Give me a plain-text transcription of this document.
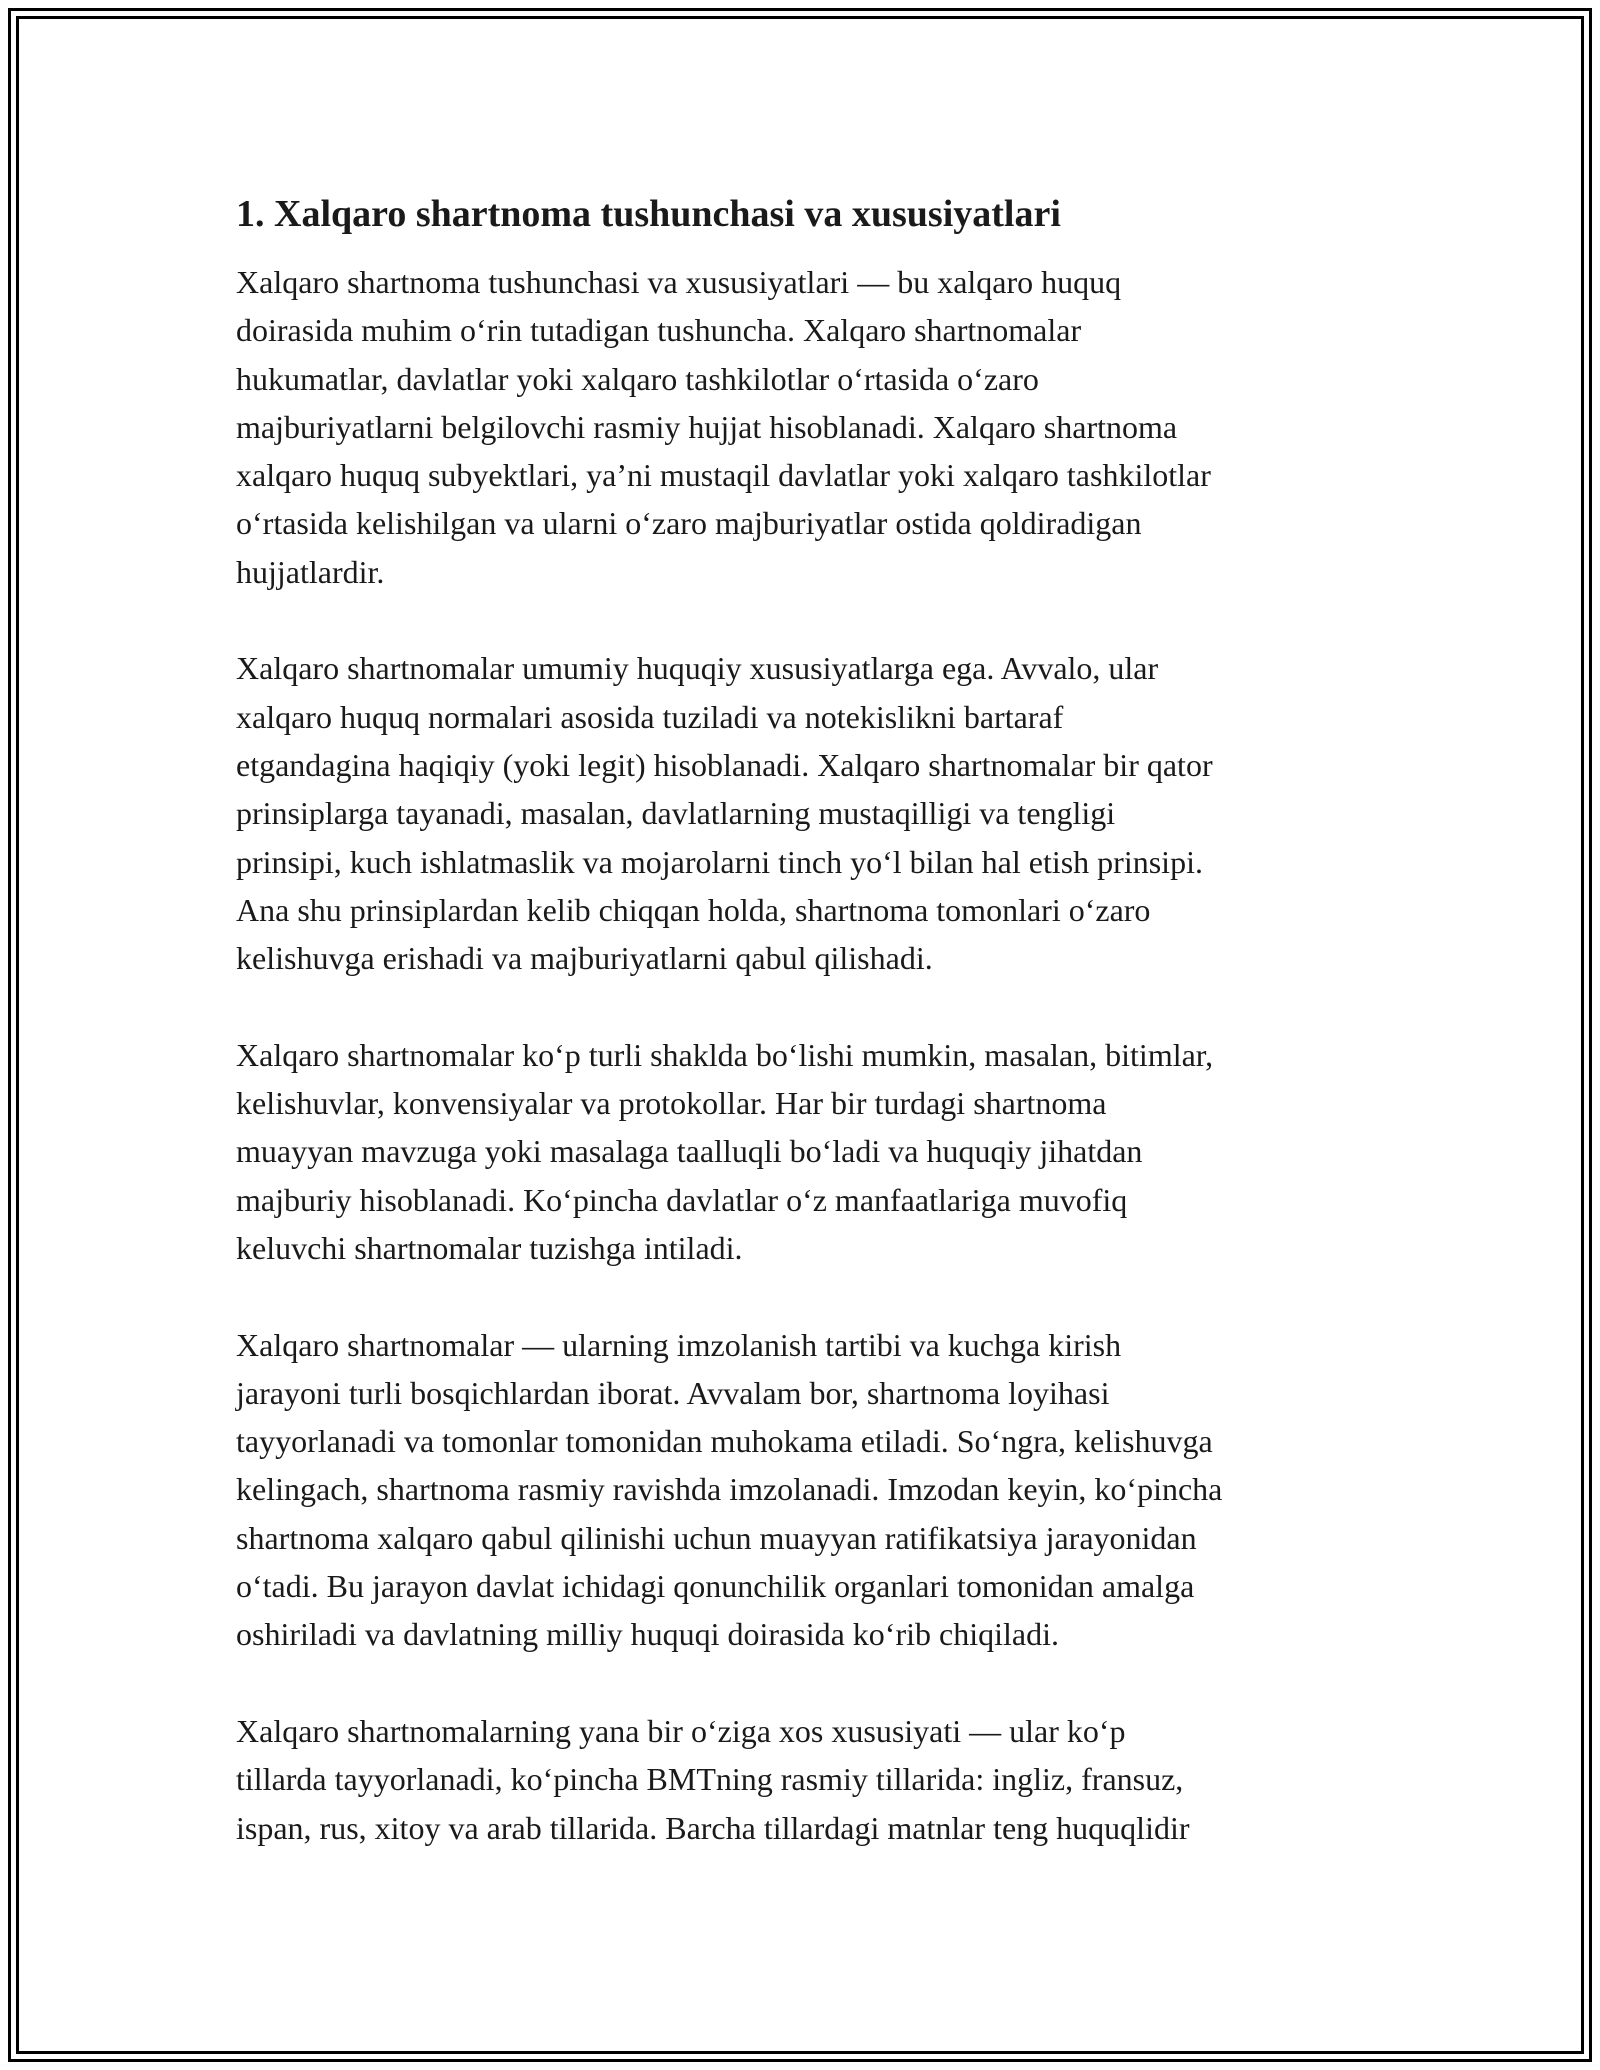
1. Xalqaro shartnoma tushunchasi va xususiyatlari

Xalqaro shartnoma tushunchasi va xususiyatlari — bu xalqaro huquq
doirasida muhim oʻrin tutadigan tushuncha. Xalqaro shartnomalar
hukumatlar, davlatlar yoki xalqaro tashkilotlar oʻrtasida oʻzaro
majburiyatlarni belgilovchi rasmiy hujjat hisoblanadi. Xalqaro shartnoma
xalqaro huquq subyektlari, yaʼni mustaqil davlatlar yoki xalqaro tashkilotlar
oʻrtasida kelishilgan va ularni oʻzaro majburiyatlar ostida qoldiradigan
hujjatlardir.

Xalqaro shartnomalar umumiy huquqiy xususiyatlarga ega. Avvalo, ular
xalqaro huquq normalari asosida tuziladi va notekislikni bartaraf
etgandagina haqiqiy (yoki legit) hisoblanadi. Xalqaro shartnomalar bir qator
prinsiplarga tayanadi, masalan, davlatlarning mustaqilligi va tengligi
prinsipi, kuch ishlatmaslik va mojarolarni tinch yoʻl bilan hal etish prinsipi.
Ana shu prinsiplardan kelib chiqqan holda, shartnoma tomonlari oʻzaro
kelishuvga erishadi va majburiyatlarni qabul qilishadi.

Xalqaro shartnomalar koʻp turli shaklda boʻlishi mumkin, masalan, bitimlar,
kelishuvlar, konvensiyalar va protokollar. Har bir turdagi shartnoma
muayyan mavzuga yoki masalaga taalluqli boʻladi va huquqiy jihatdan
majburiy hisoblanadi. Koʻpincha davlatlar oʻz manfaatlariga muvofiq
keluvchi shartnomalar tuzishga intiladi.

Xalqaro shartnomalar — ularning imzolanish tartibi va kuchga kirish
jarayoni turli bosqichlardan iborat. Avvalam bor, shartnoma loyihasi
tayyorlanadi va tomonlar tomonidan muhokama etiladi. Soʻngra, kelishuvga
kelingach, shartnoma rasmiy ravishda imzolanadi. Imzodan keyin, koʻpincha
shartnoma xalqaro qabul qilinishi uchun muayyan ratifikatsiya jarayonidan
oʻtadi. Bu jarayon davlat ichidagi qonunchilik organlari tomonidan amalga
oshiriladi va davlatning milliy huquqi doirasida koʻrib chiqiladi.

Xalqaro shartnomalarning yana bir oʻziga xos xususiyati — ular koʻp
tillarda tayyorlanadi, koʻpincha BMTning rasmiy tillarida: ingliz, fransuz,
ispan, rus, xitoy va arab tillarida. Barcha tillardagi matnlar teng huquqlidir
